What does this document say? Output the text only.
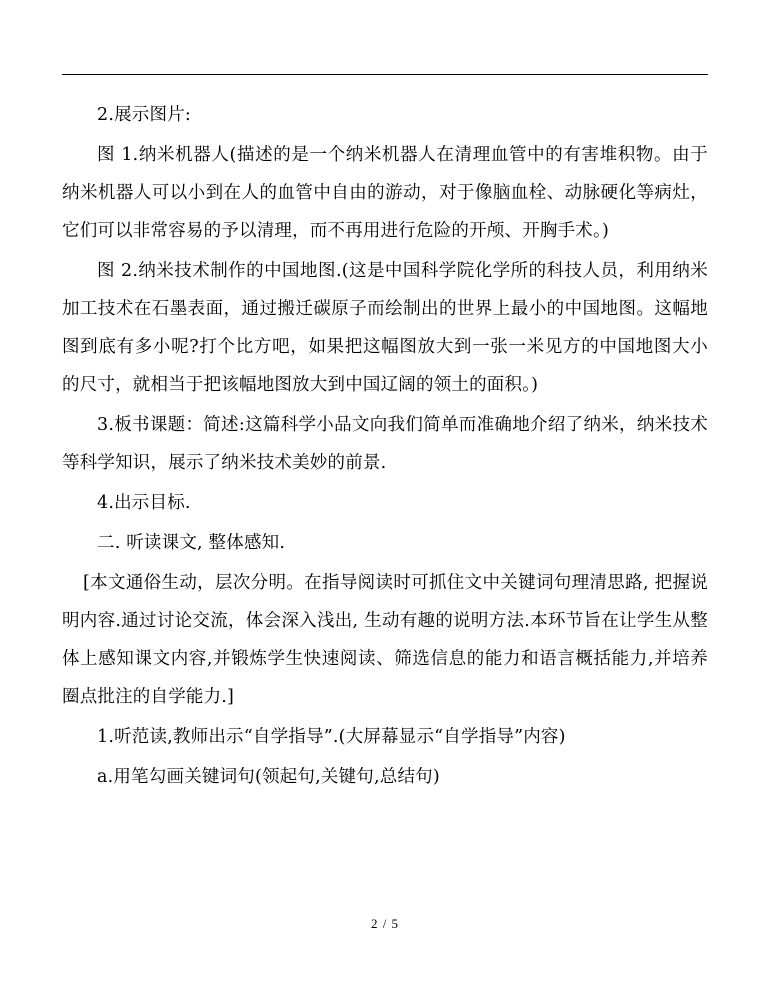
2.展示图片:

图 1.纳米机器人(描述的是一个纳米机器人在清理血管中的有害堆积物。由于纳米机器人可以小到在人的血管中自由的游动，对于像脑血栓、动脉硬化等病灶，它们可以非常容易的予以清理，而不再用进行危险的开颅、开胸手术。)

图 2.纳米技术制作的中国地图.(这是中国科学院化学所的科技人员，利用纳米加工技术在石墨表面，通过搬迁碳原子而绘制出的世界上最小的中国地图。这幅地图到底有多小呢?打个比方吧，如果把这幅图放大到一张一米见方的中国地图大小的尺寸，就相当于把该幅地图放大到中国辽阔的领土的面积。)

3.板书课题：简述:这篇科学小品文向我们简单而准确地介绍了纳米，纳米技术等科学知识，展示了纳米技术美妙的前景.

4.出示目标.

二. 听读课文, 整体感知.

[本文通俗生动，层次分明。在指导阅读时可抓住文中关键词句理清思路, 把握说明内容.通过讨论交流，体会深入浅出, 生动有趣的说明方法.本环节旨在让学生从整体上感知课文内容,并锻炼学生快速阅读、筛选信息的能力和语言概括能力,并培养圈点批注的自学能力.]

1.听范读,教师出示“自学指导”.(大屏幕显示“自学指导”内容)

a.用笔勾画关键词句(领起句,关键句,总结句)

2 / 5
